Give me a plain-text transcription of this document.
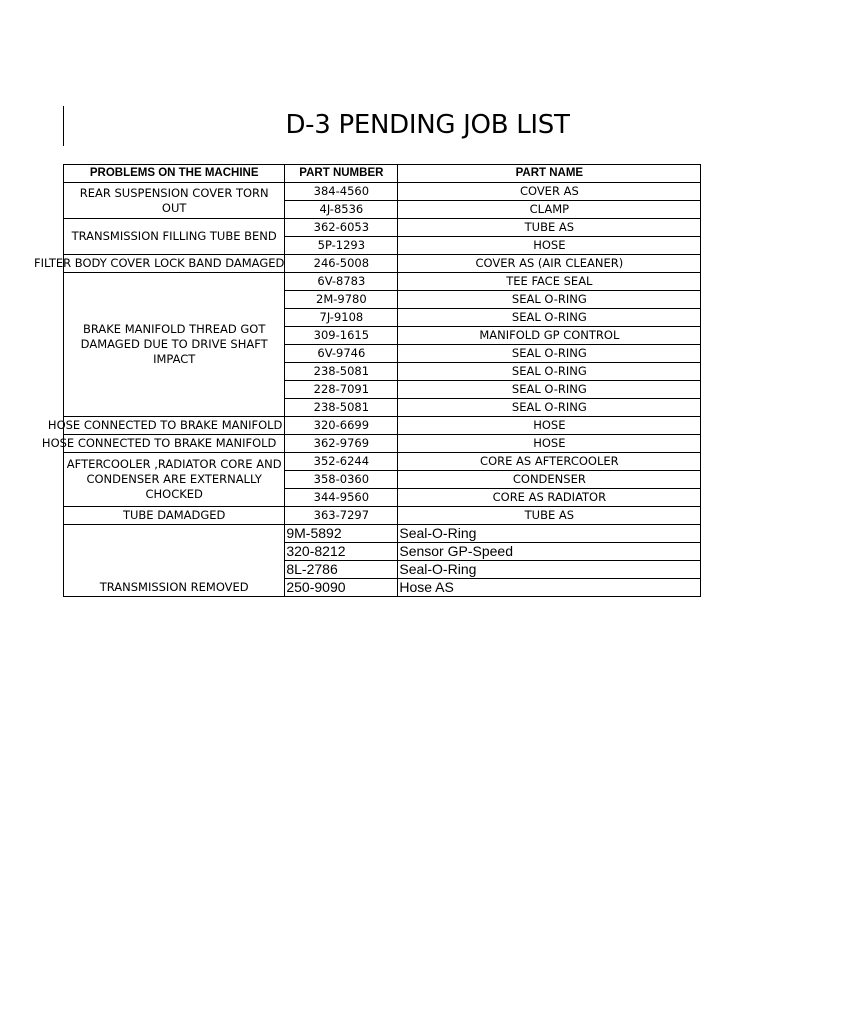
D-3 PENDING JOB LIST
PROBLEMS ON THE MACHINE	PART NUMBER	PART NAME
REAR SUSPENSION COVER TORN OUT	384-4560	COVER AS
	4J-8536	CLAMP
TRANSMISSION FILLING TUBE BEND	362-6053	TUBE AS
	5P-1293	HOSE
FILTER BODY COVER LOCK BAND DAMAGED	246-5008	COVER AS (AIR CLEANER)
BRAKE MANIFOLD THREAD GOT DAMAGED DUE TO DRIVE SHAFT IMPACT	6V-8783	TEE FACE SEAL
	2M-9780	SEAL O-RING
	7J-9108	SEAL O-RING
	309-1615	MANIFOLD GP CONTROL
	6V-9746	SEAL O-RING
	238-5081	SEAL O-RING
	228-7091	SEAL O-RING
	238-5081	SEAL O-RING
HOSE CONNECTED TO BRAKE MANIFOLD	320-6699	HOSE
HOSE CONNECTED TO BRAKE MANIFOLD	362-9769	HOSE
AFTERCOOLER ,RADIATOR CORE AND CONDENSER ARE EXTERNALLY CHOCKED	352-6244	CORE AS AFTERCOOLER
	358-0360	CONDENSER
	344-9560	CORE AS RADIATOR
TUBE DAMADGED	363-7297	TUBE AS
TRANSMISSION REMOVED	9M-5892	Seal-O-Ring
	320-8212	Sensor GP-Speed
	8L-2786	Seal-O-Ring
	250-9090	Hose AS
